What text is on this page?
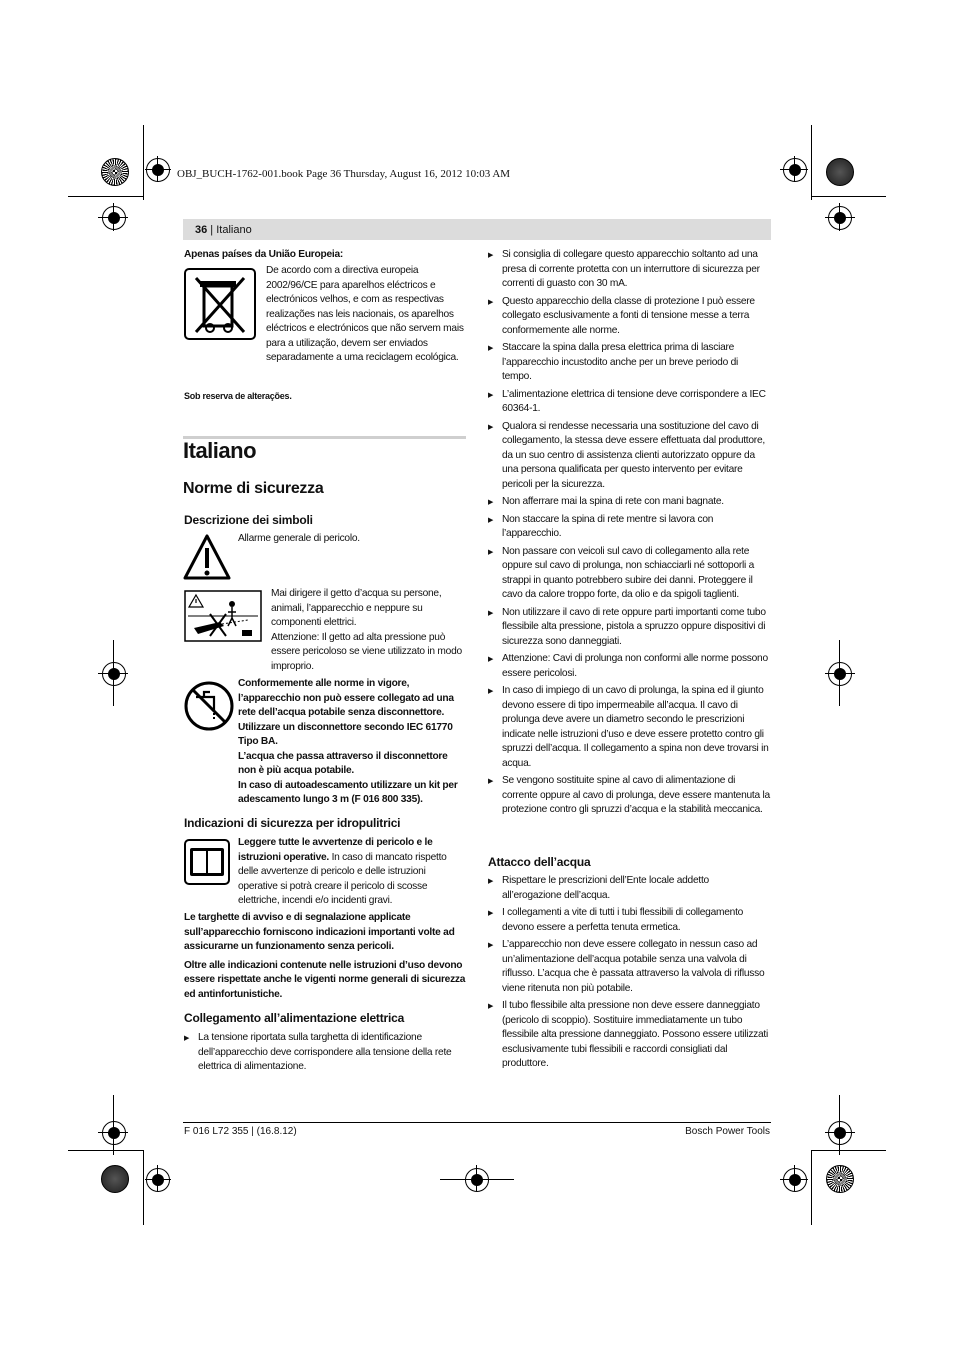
OBJ_BUCH-1762-001.book Page 36 Thursday, August 16, 2012 10:03 AM
36 | Italiano
Apenas países da União Europeia:
De acordo com a directiva europeia 2002/96/CE para aparelhos eléctricos e electrónicos velhos, e com as respectivas realizações nas leis nacionais, os aparelhos eléctricos e electrónicos que não servem mais para a utilização, devem ser enviados separadamente a uma reciclagem ecológica.
Sob reserva de alterações.
Italiano
Norme di sicurezza
Descrizione dei simboli
Allarme generale di pericolo.

Mai dirigere il getto d’acqua su persone, animali, l’apparecchio e neppure su componenti elettrici.

Attenzione: Il getto ad alta pressione può essere pericoloso se viene utilizzato in modo improprio.

Conformemente alle norme in vigore, l’apparecchio non può essere collegato ad una rete dell’acqua potabile senza disconnettore. Utilizzare un disconnettore secondo IEC 61770 Tipo BA.

L’acqua che passa attraverso il disconnettore non è più acqua potabile.

In caso di autoadescamento utilizzare un kit per adescamento lungo 3 m (F 016 800 335).

Indicazioni di sicurezza per idropulitrici

Leggere tutte le avvertenze di pericolo e le istruzioni operative. In caso di mancato rispetto delle avvertenze di pericolo e delle istruzioni operative si potrà creare il pericolo di scosse elettriche, incendi e/o incidenti gravi.

Le targhette di avviso e di segnalazione applicate sull’apparecchio forniscono indicazioni importanti volte ad assicurarne un funzionamento senza pericoli.

Oltre alle indicazioni contenute nelle istruzioni d’uso devono essere rispettate anche le vigenti norme generali di sicurezza ed antinfortunistiche.

Collegamento all’alimentazione elettrica
▶ La tensione riportata sulla targhetta di identificazione dell’apparecchio deve corrispondere alla tensione della rete elettrica di alimentazione.
▶ Si consiglia di collegare questo apparecchio soltanto ad una presa di corrente protetta con un interruttore di sicurezza per correnti di guasto con 30 mA.
▶ Questo apparecchio della classe di protezione I può essere collegato esclusivamente a fonti di tensione messe a terra conformemente alle norme.
▶ Staccare la spina dalla presa elettrica prima di lasciare l’apparecchio incustodito anche per un breve periodo di tempo.
▶ L’alimentazione elettrica di tensione deve corrispondere a IEC 60364-1.
▶ Qualora si rendesse necessaria una sostituzione del cavo di collegamento, la stessa deve essere effettuata dal produttore, da un suo centro di assistenza clienti autorizzato oppure da una persona qualificata per questo intervento per evitare pericoli per la sicurezza.
▶ Non afferrare mai la spina di rete con mani bagnate.
▶ Non staccare la spina di rete mentre si lavora con l’apparecchio.
▶ Non passare con veicoli sul cavo di collegamento alla rete oppure sul cavo di prolunga, non schiacciarli né sottoporli a strappi in quanto potrebbero subire dei danni. Proteggere il cavo da calore troppo forte, da olio e da spigoli taglienti.
▶ Non utilizzare il cavo di rete oppure parti importanti come tubo flessibile alta pressione, pistola a spruzzo oppure dispositivi di sicurezza sono danneggiati.
▶ Attenzione: Cavi di prolunga non conformi alle norme possono essere pericolosi.
▶ In caso di impiego di un cavo di prolunga, la spina ed il giunto devono essere di tipo impermeabile all’acqua. Il cavo di prolunga deve avere un diametro secondo le prescrizioni indicate nelle istruzioni d’uso e deve essere protetto contro gli spruzzi dell’acqua. Il collegamento a spina non deve trovarsi in acqua.
▶ Se vengono sostituite spine al cavo di alimentazione di corrente oppure al cavo di prolunga, deve essere mantenuta la protezione contro gli spruzzi d’acqua e la stabilità meccanica.
Attacco dell’acqua
▶ Rispettare le prescrizioni dell’Ente locale addetto all’erogazione dell’acqua.
▶ I collegamenti a vite di tutti i tubi flessibili di collegamento devono essere a perfetta tenuta ermetica.
▶ L’apparecchio non deve essere collegato in nessun caso ad un’alimentazione dell’acqua potabile senza una valvola di riflusso. L’acqua che è passata attraverso la valvola di riflusso viene ritenuta non più potabile.
▶ Il tubo flessibile alta pressione non deve essere danneggiato (pericolo di scoppio). Sostituire immediatamente un tubo flessibile alta pressione danneggiato. Possono essere utilizzati esclusivamente tubi flessibili e raccordi consigliati dal produttore.
F 016 L72 355 | (16.8.12)	Bosch Power Tools
